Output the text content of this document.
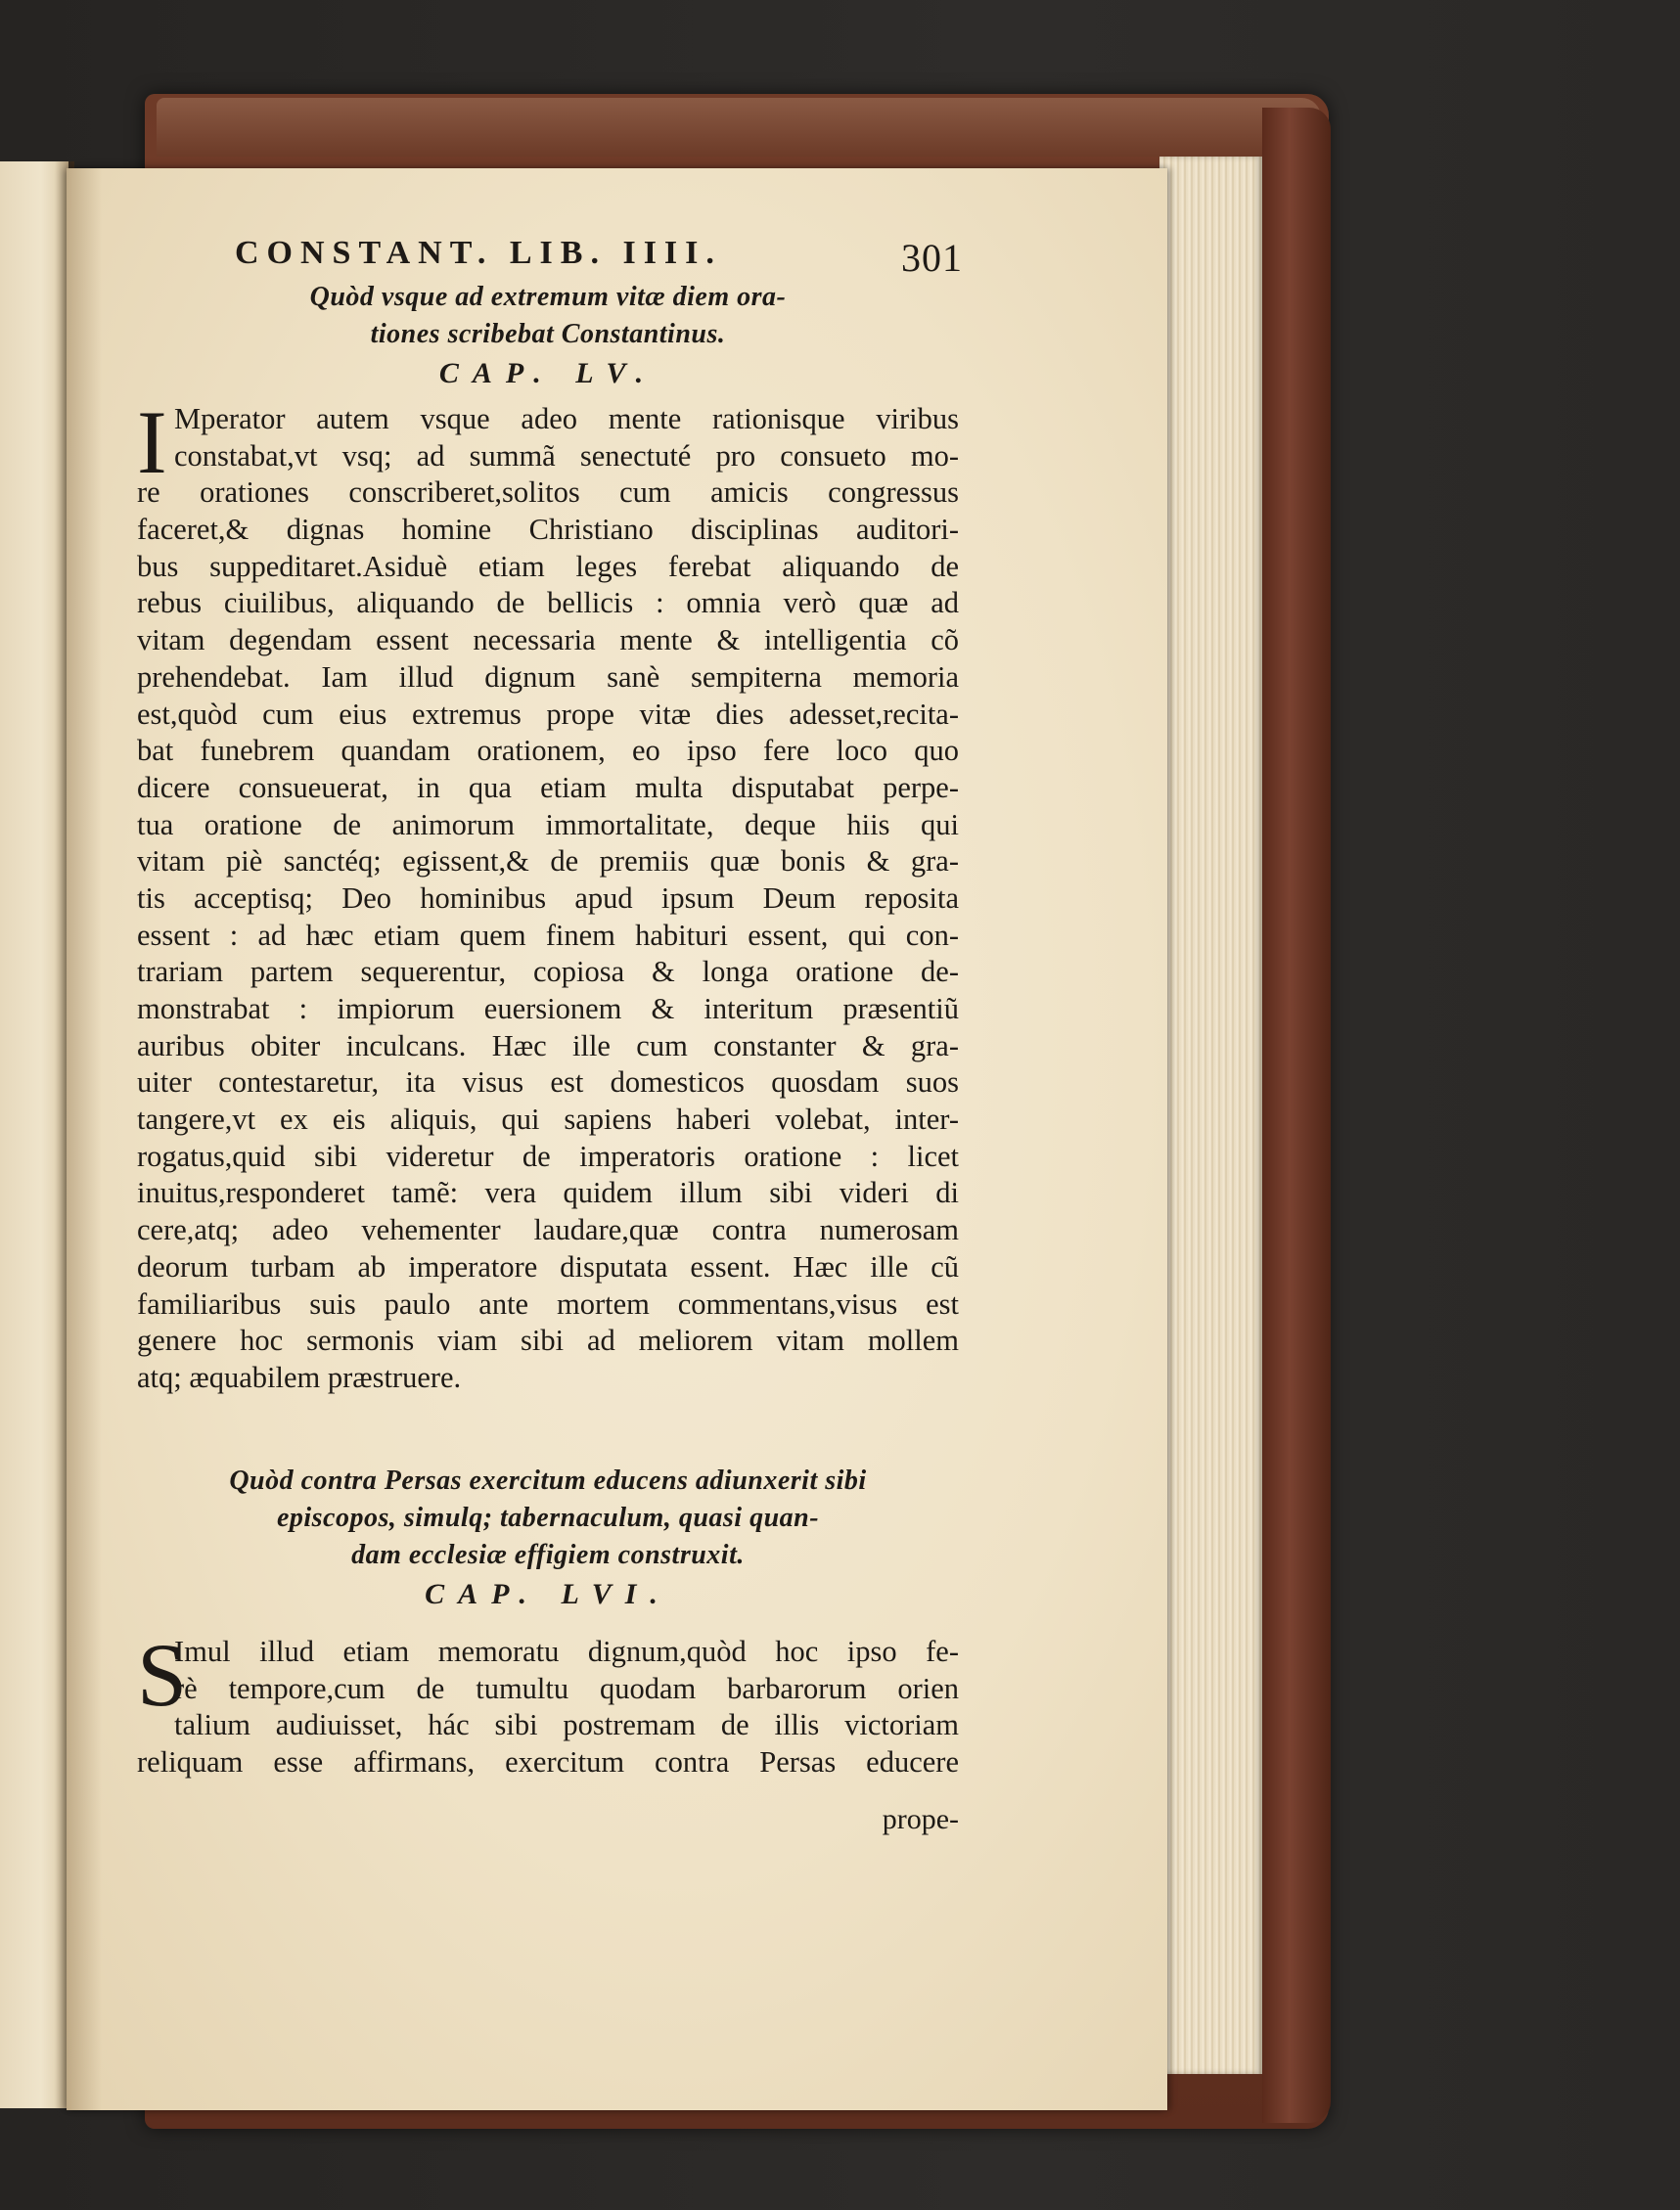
CONSTANT. LIB. IIII.	301

Quòd vsque ad extremum vitæ diem ora-

tiones scribebat Constantinus.

CAP. LV.

I Mperator autem vsque adeo mente rationisque viribus
constabat,vt vsq; ad summã senectuté pro consueto mo-
re orationes conscriberet,solitos cum amicis congressus
faceret,& dignas homine Christiano disciplinas auditori-
bus suppeditaret.Asiduè etiam leges ferebat aliquando de
rebus ciuilibus, aliquando de bellicis : omnia verò quæ ad
vitam degendam essent necessaria mente & intelligentia cõ
prehendebat. Iam illud dignum sanè sempiterna memoria
est,quòd cum eius extremus prope vitæ dies adesset,recita-
bat funebrem quandam orationem, eo ipso fere loco quo
dicere consueuerat, in qua etiam multa disputabat perpe-
tua oratione de animorum immortalitate, deque hiis qui
vitam piè sanctéq; egissent,& de premiis quæ bonis & gra-
tis acceptisq; Deo hominibus apud ipsum Deum reposita
essent : ad hæc etiam quem finem habituri essent, qui con-
trariam partem sequerentur, copiosa & longa oratione de-
monstrabat : impiorum euersionem & interitum præsentiũ
auribus obiter inculcans. Hæc ille cum constanter & gra-
uiter contestaretur, ita visus est domesticos quosdam suos
tangere,vt ex eis aliquis, qui sapiens haberi volebat, inter-
rogatus,quid sibi videretur de imperatoris oratione : licet
inuitus,responderet tamẽ: vera quidem illum sibi videri di
cere,atq; adeo vehementer laudare,quæ contra numerosam
deorum turbam ab imperatore disputata essent. Hæc ille cũ
familiaribus suis paulo ante mortem commentans,visus est
genere hoc sermonis viam sibi ad meliorem vitam mollem
atq; æquabilem præstruere.

Quòd contra Persas exercitum educens adiunxerit sibi

episcopos, simulq; tabernaculum, quasi quan-

dam ecclesiæ effigiem construxit.

CAP. LVI.

S
Imul illud etiam memoratu dignum,quòd hoc ipso fe-
rè tempore,cum de tumultu quodam barbarorum orien
talium audiuisset, hác sibi postremam de illis victoriam
reliquam esse affirmans, exercitum contra Persas educere

prope-
